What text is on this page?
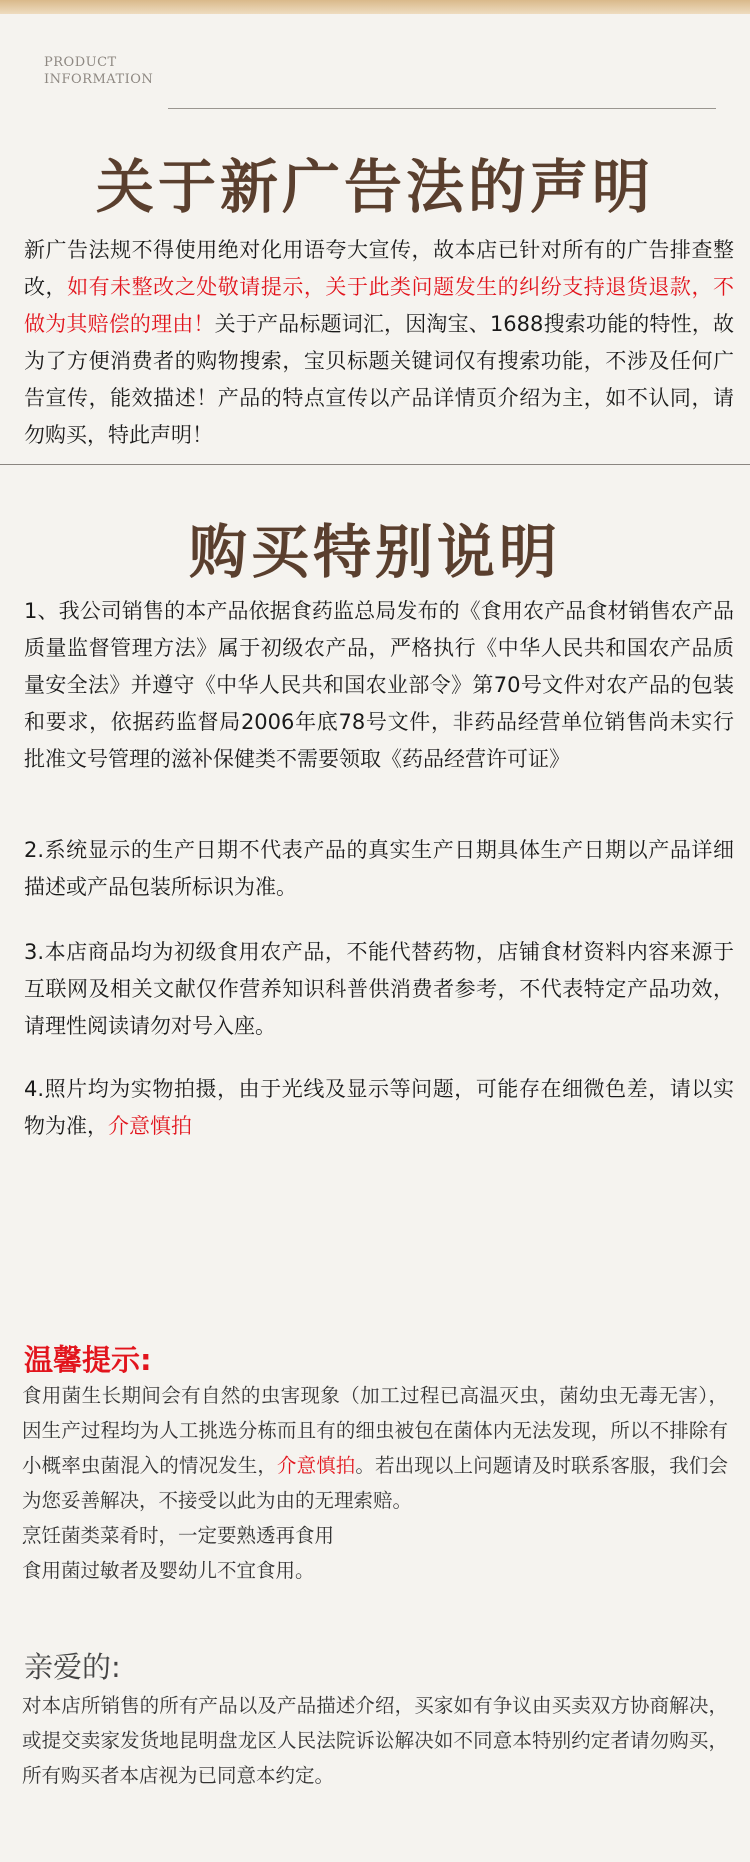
PRODUCT
INFORMATION
关于新广告法的声明
新广告法规不得使用绝对化用语夸大宣传，故本店已针对所有的广告排查整改，如有未整改之处敬请提示，关于此类问题发生的纠纷支持退货退款，不做为其赔偿的理由！关于产品标题词汇，因淘宝、1688搜索功能的特性，故为了方便消费者的购物搜索，宝贝标题关键词仅有搜索功能，不涉及任何广告宣传，能效描述！产品的特点宣传以产品详情页介绍为主，如不认同，请勿购买，特此声明！
购买特别说明
1、我公司销售的本产品依据食药监总局发布的《食用农产品食材销售农产品质量监督管理方法》属于初级农产品，严格执行《中华人民共和国农产品质量安全法》并遵守《中华人民共和国农业部令》第70号文件对农产品的包装和要求，依据药监督局2006年底78号文件，非药品经营单位销售尚未实行批准文号管理的滋补保健类不需要领取《药品经营许可证》
2.系统显示的生产日期不代表产品的真实生产日期具体生产日期以产品详细描述或产品包装所标识为准。
3.本店商品均为初级食用农产品，不能代替药物，店铺食材资料内容来源于互联网及相关文献仅作营养知识科普供消费者参考，不代表特定产品功效，请理性阅读请勿对号入座。
4.照片均为实物拍摄，由于光线及显示等问题，可能存在细微色差，请以实物为准，介意慎拍
温馨提示:
食用菌生长期间会有自然的虫害现象（加工过程已高温灭虫，菌幼虫无毒无害），因生产过程均为人工挑选分栋而且有的细虫被包在菌体内无法发现，所以不排除有小概率虫菌混入的情况发生，介意慎拍。若出现以上问题请及时联系客服，我们会为您妥善解决，不接受以此为由的无理索赔。
烹饪菌类菜肴时，一定要熟透再食用
食用菌过敏者及婴幼儿不宜食用。
亲爱的:
对本店所销售的所有产品以及产品描述介绍，买家如有争议由买卖双方协商解决，或提交卖家发货地昆明盘龙区人民法院诉讼解决如不同意本特别约定者请勿购买，所有购买者本店视为已同意本约定。
